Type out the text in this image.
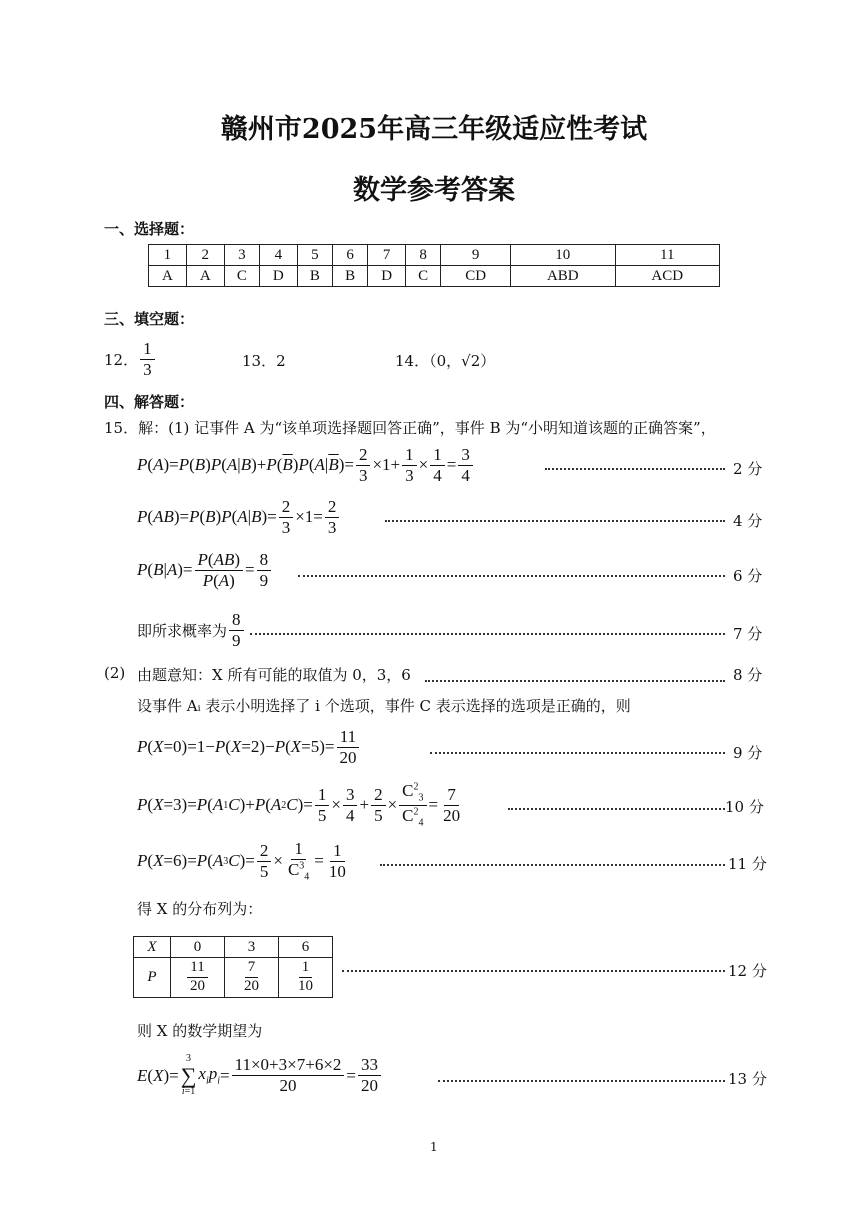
赣州市2025年高三年级适应性考试
数学参考答案
一、选择题：
1	2	3	4	5	6	7	8	9	10	11
A	A	C	D	B	B	D	C	CD	ABD	ACD
三、填空题：
12． $\frac{1}{3}$	13．2	14．（0，√2）
四、解答题：
15．解：(1) 记事件 A 为“该单项选择题回答正确”，事件 B 为“小明知道该题的正确答案”，
P ( A )= P ( B ) P ( A | B )+ P ( $\overline{B}$ ) P ( A | $\overline{B}$ )= $\frac{2}{3} \times 1+ \frac{1}{3} \times \frac{1}{4} = \frac{3}{4}$	2 分
P ( AB )= P ( B ) P ( A | B )= $\frac{2}{3} \times 1= \frac{2}{3}$	4 分
P ( B | A )= $\frac{P(AB)}{P(A)} = \frac{8}{9}$	6 分
即所求概率为 $\frac{8}{9}$	7 分
(2) 由题意知：X 所有可能的取值为 0，3，6	8 分
设事件 Aᵢ 表示小明选择了 i 个选项，事件 C 表示选择的选项是正确的，则
P ( X =0)=1− P ( X =2)− P ( $X =5)= \frac{11}{20}$	9 分
P ( X =3)= P ( A 1 C )+ P ( A 2 C )= $\frac{1}{5} \times \frac{3}{4} + \frac{2}{5} \times \frac{C^2_3}{C^2_4} = \frac{7}{20}$	10 分
P ( X =6)= P ( A 3 C )= $\frac{2}{5} \times \frac{1}{C^3_4} = \frac{1}{10}$	11 分
得 X 的分布列为：
X	0	3	6
P	$\frac{11}{20}$	$\frac{7}{20}$	$\frac{1}{10}$	12 分
则 X 的数学期望为
E ( X )=
3
∑
i=1
$x_ip_i = \frac{11\times 0+3\times 7+6\times 2}{20} = \frac{33}{20}$	13 分
1
